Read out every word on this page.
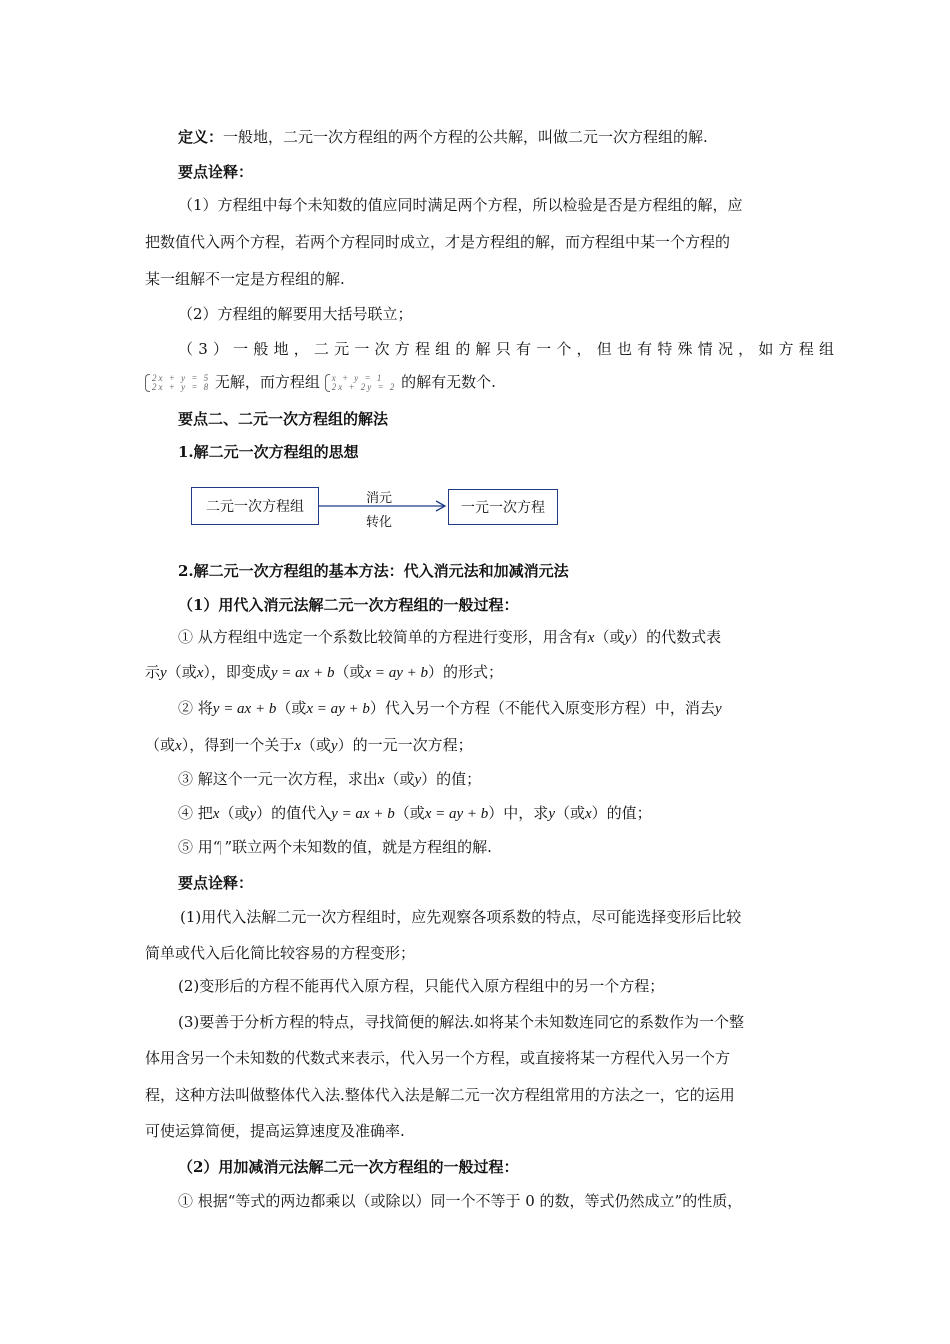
定义：一般地，二元一次方程组的两个方程的公共解，叫做二元一次方程组的解.
要点诠释：
（1）方程组中每个未知数的值应同时满足两个方程，所以检验是否是方程组的解，应
把数值代入两个方程，若两个方程同时成立，才是方程组的解，而方程组中某一个方程的
某一组解不一定是方程组的解.
（2）方程组的解要用大括号联立；
（3）一般地，二元一次方程组的解只有一个，但也有特殊情况，如方程组
2x + y = 5
2x + y = 8 无解，而方程组 x + y = 1
2x + 2y = 2 的解有无数个.
要点二、二元一次方程组的解法
1.解二元一次方程组的思想
二元一次方程组
消元
转化
一元一次方程
2.解二元一次方程组的基本方法：代入消元法和加减消元法
（1）用代入消元法解二元一次方程组的一般过程：
① 从方程组中选定一个系数比较简单的方程进行变形，用含有x（或y）的代数式表
示y（或x），即变成y = ax + b（或x = ay + b）的形式；
② 将y = ax + b（或x = ay + b）代入另一个方程（不能代入原变形方程）中，消去y
（或x），得到一个关于x（或y）的一元一次方程；
③ 解这个一元一次方程，求出x（或y）的值；
④ 把x（或y）的值代入y = ax + b（或x = ay + b）中，求y（或x）的值；
⑤ 用“ ”联立两个未知数的值，就是方程组的解.
要点诠释：
(1)用代入法解二元一次方程组时，应先观察各项系数的特点，尽可能选择变形后比较
简单或代入后化简比较容易的方程变形；
(2)变形后的方程不能再代入原方程，只能代入原方程组中的另一个方程；
(3)要善于分析方程的特点，寻找简便的解法.如将某个未知数连同它的系数作为一个整
体用含另一个未知数的代数式来表示，代入另一个方程，或直接将某一方程代入另一个方
程，这种方法叫做整体代入法.整体代入法是解二元一次方程组常用的方法之一，它的运用
可使运算简便，提高运算速度及准确率.
（2）用加减消元法解二元一次方程组的一般过程：
① 根据“等式的两边都乘以（或除以）同一个不等于 0 的数，等式仍然成立”的性质，
